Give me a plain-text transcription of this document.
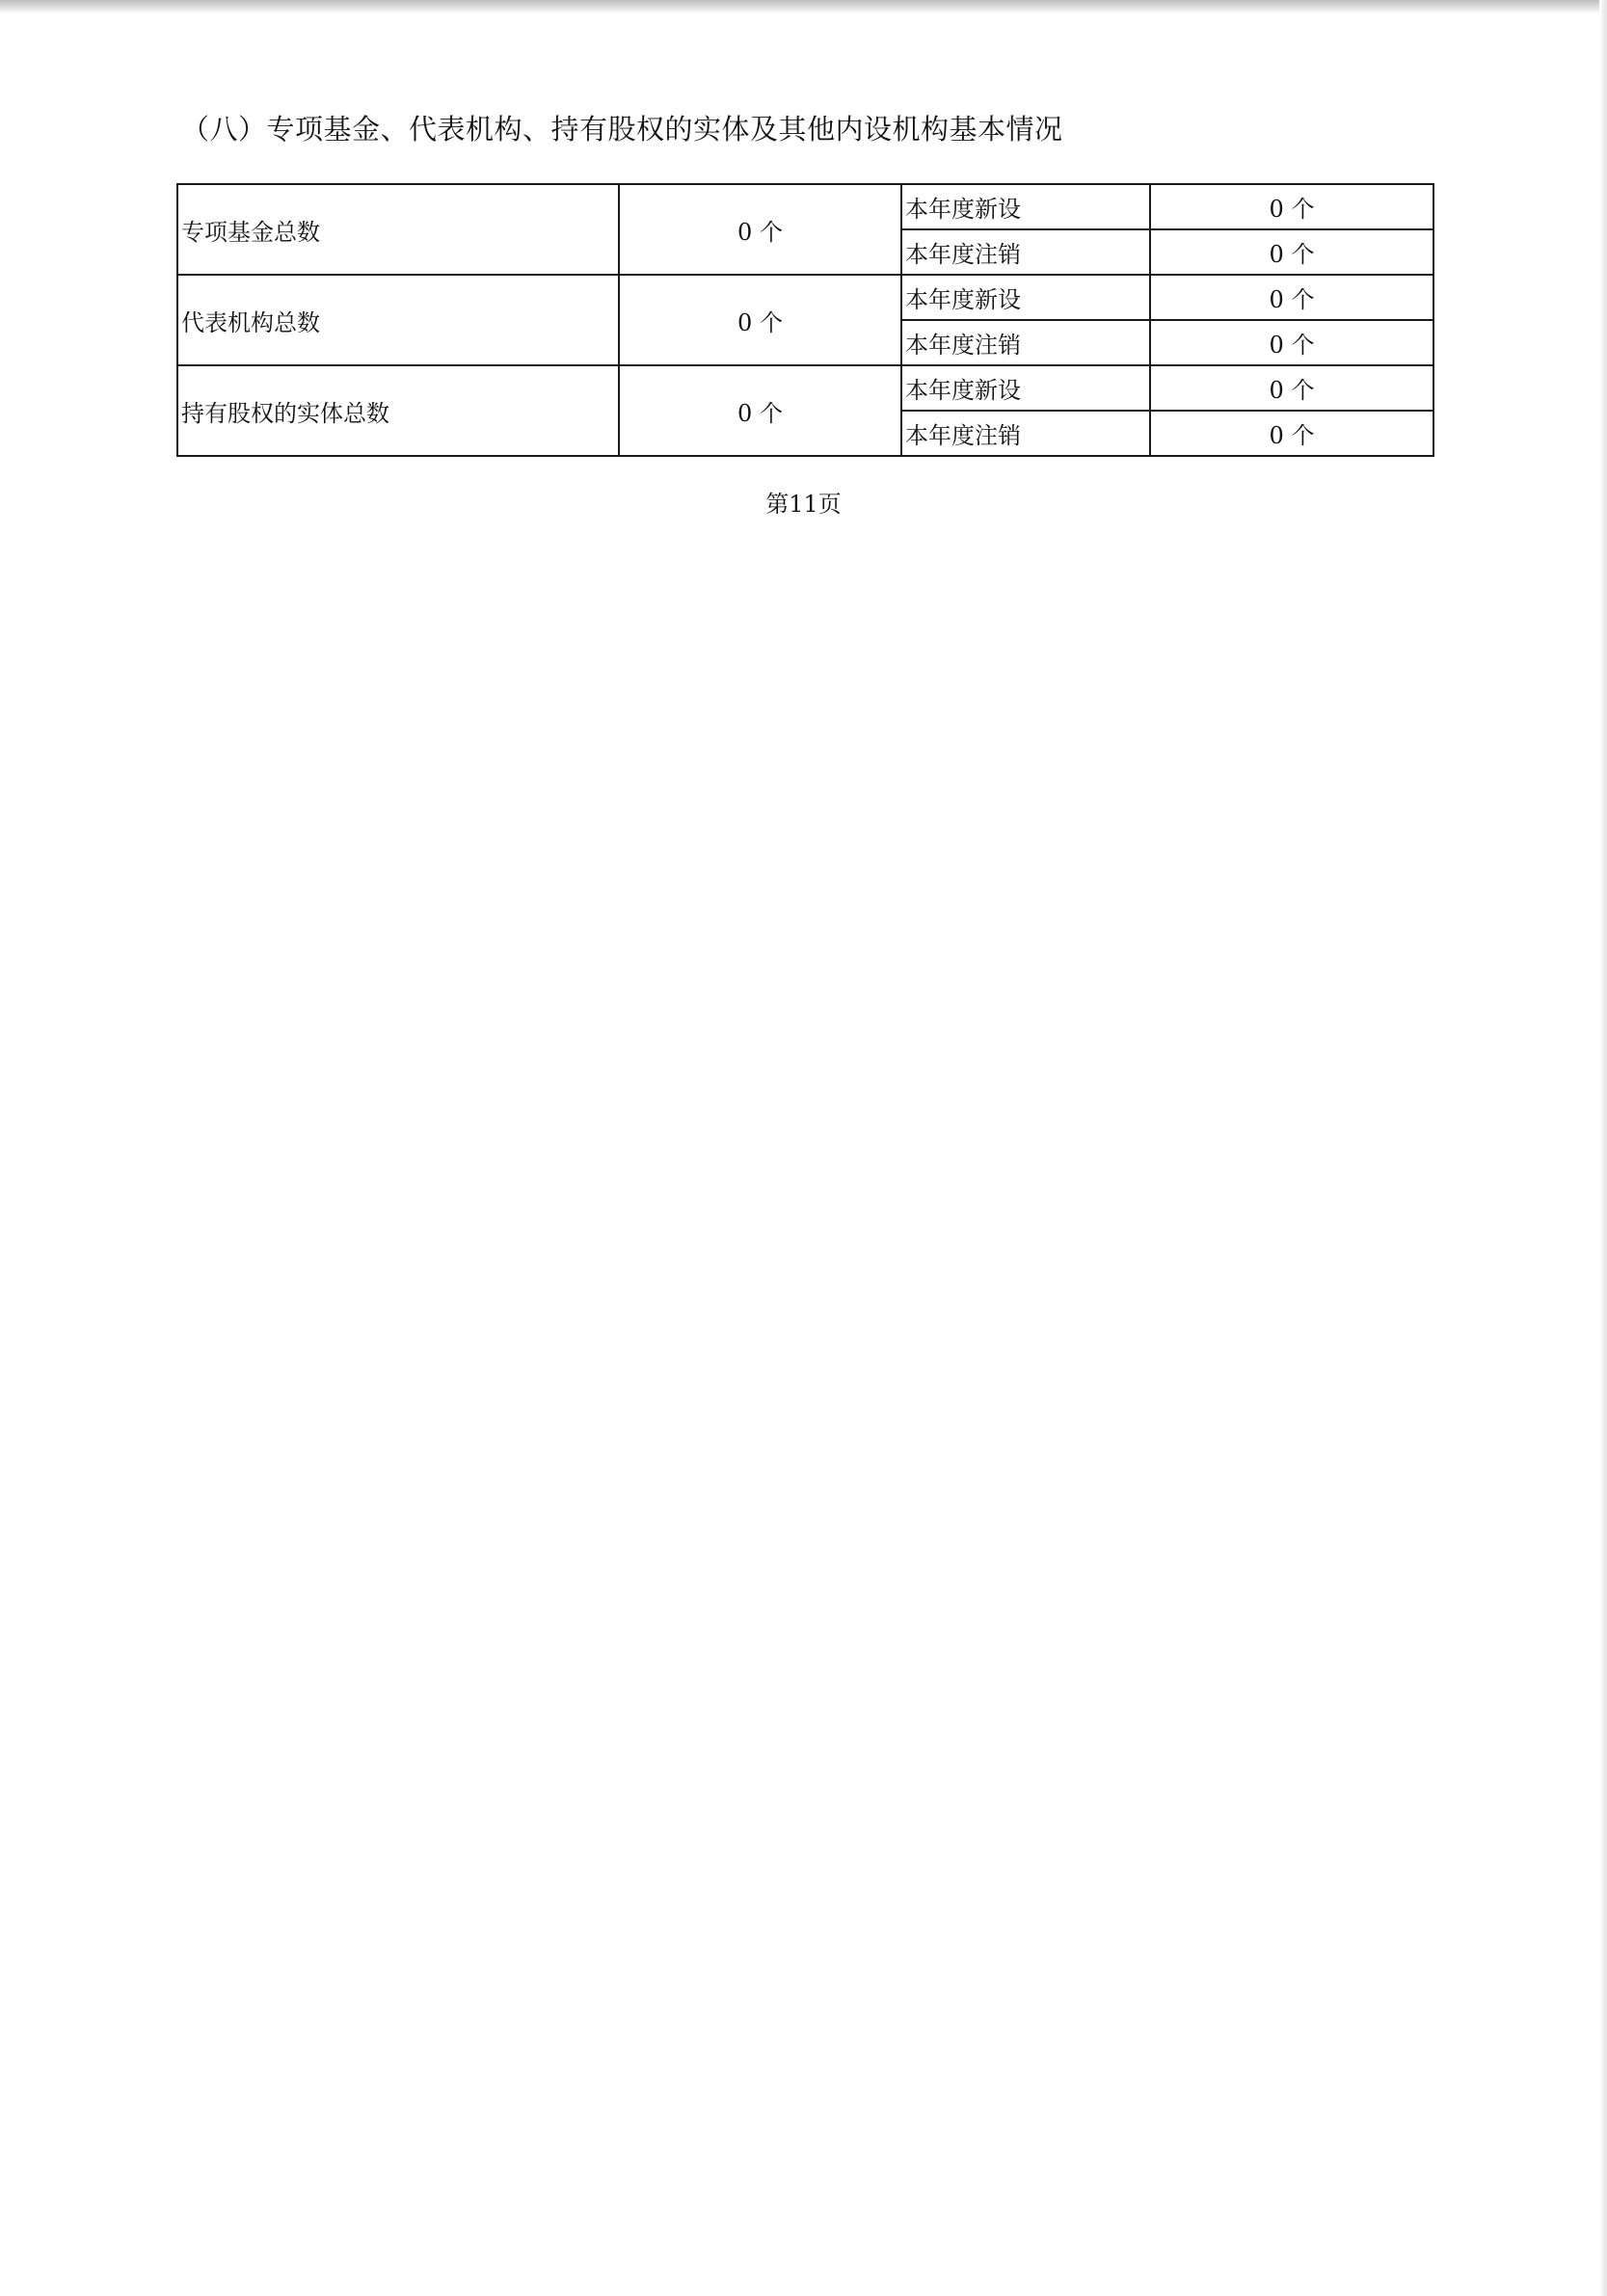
（八）专项基金、代表机构、持有股权的实体及其他内设机构基本情况
专项基金总数	0 个	本年度新设	0 个
		本年度注销	0 个
代表机构总数	0 个	本年度新设	0 个
		本年度注销	0 个
持有股权的实体总数	0 个	本年度新设	0 个
		本年度注销	0 个
第11页
